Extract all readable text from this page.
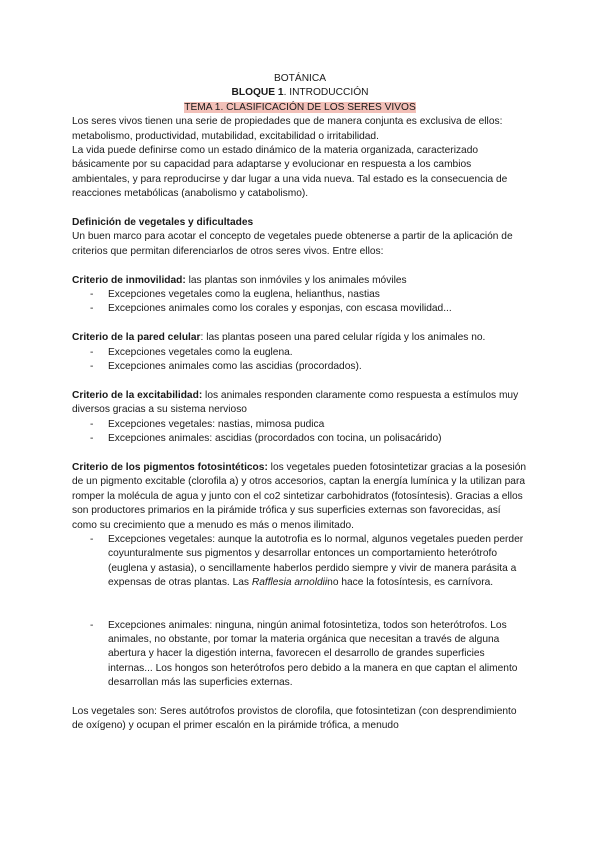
BOTÁNICA

BLOQUE 1. INTRODUCCIÓN

TEMA 1. CLASIFICACIÓN DE LOS SERES VIVOS

Los seres vivos tienen una serie de propiedades que de manera conjunta es exclusiva de ellos: metabolismo, productividad, mutabilidad, excitabilidad o irritabilidad.

La vida puede definirse como un estado dinámico de la materia organizada, caracterizado básicamente por su capacidad para adaptarse y evolucionar en respuesta a los cambios ambientales, y para reproducirse y dar lugar a una vida nueva. Tal estado es la consecuencia de reacciones metabólicas (anabolismo y catabolismo).

Definición de vegetales y dificultades

Un buen marco para acotar el concepto de vegetales puede obtenerse a partir de la aplicación de criterios que permitan diferenciarlos de otros seres vivos. Entre ellos:

Criterio de inmovilidad: las plantas son inmóviles y los animales móviles

- Excepciones vegetales como la euglena, helianthus, nastias
- Excepciones animales como los corales y esponjas, con escasa movilidad...

Criterio de la pared celular: las plantas poseen una pared celular rígida y los animales no.

- Excepciones vegetales como la euglena.
- Excepciones animales como las ascidias (procordados).

Criterio de la excitabilidad: los animales responden claramente como respuesta a estímulos muy diversos gracias a su sistema nervioso

- Excepciones vegetales: nastias, mimosa pudica
- Excepciones animales: ascidias (procordados con tocina, un polisacárido)

Criterio de los pigmentos fotosintéticos: los vegetales pueden fotosintetizar gracias a la posesión de un pigmento excitable (clorofila a) y otros accesorios, captan la energía lumínica y la utilizan para romper la molécula de agua y junto con el co2 sintetizar carbohidratos (fotosíntesis). Gracias a ellos son productores primarios en la pirámide trófica y sus superficies externas son favorecidas, así como su crecimiento que a menudo es más o menos ilimitado.

- Excepciones vegetales: aunque la autotrofia es lo normal, algunos vegetales pueden perder coyunturalmente sus pigmentos y desarrollar entonces un comportamiento heterótrofo (euglena y astasia), o sencillamente haberlos perdido siempre y vivir de manera parásita a expensas de otras plantas. Las Rafflesia arnoldiino hace la fotosíntesis, es carnívora.
- Excepciones animales: ninguna, ningún animal fotosintetiza, todos son heterótrofos. Los animales, no obstante, por tomar la materia orgánica que necesitan a través de alguna abertura y hacer la digestión interna, favorecen el desarrollo de grandes superficies internas... Los hongos son heterótrofos pero debido a la manera en que captan el alimento desarrollan más las superficies externas.

Los vegetales son: Seres autótrofos provistos de clorofila, que fotosintetizan (con desprendimiento de oxígeno) y ocupan el primer escalón en la pirámide trófica, a menudo
